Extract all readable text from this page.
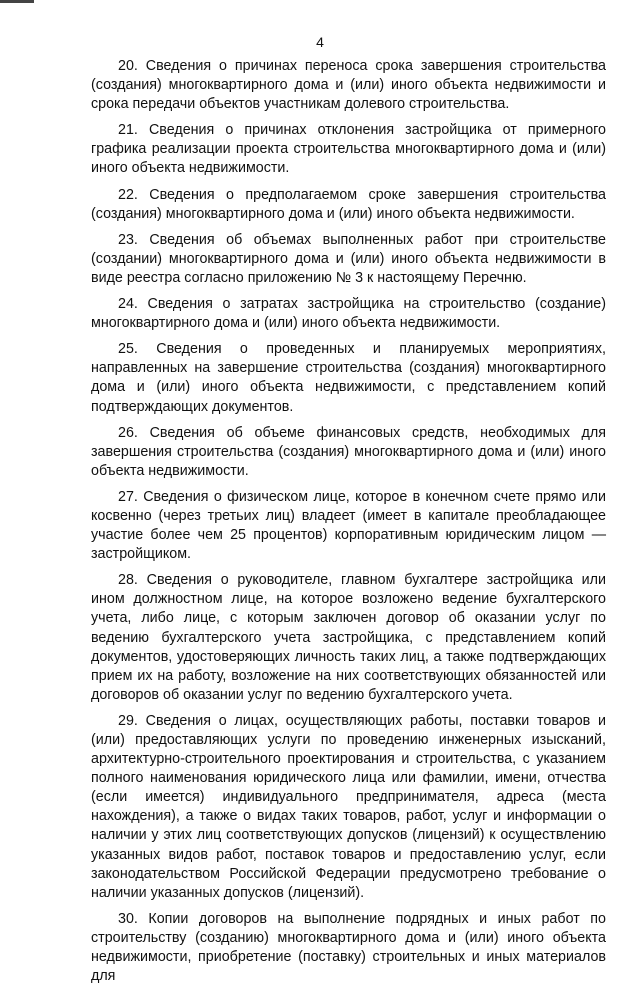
4

20. Сведения о причинах переноса срока завершения строительства (создания) многоквартирного дома и (или) иного объекта недвижимости и срока передачи объектов участникам долевого строительства.

21. Сведения о причинах отклонения застройщика от примерного графика реализации проекта строительства многоквартирного дома и (или) иного объекта недвижимости.

22. Сведения о предполагаемом сроке завершения строительства (создания) многоквартирного дома и (или) иного объекта недвижимости.

23. Сведения об объемах выполненных работ при строительстве (создании) многоквартирного дома и (или) иного объекта недвижимости в виде реестра согласно приложению № 3 к настоящему Перечню.

24. Сведения о затратах застройщика на строительство (создание) многоквартирного дома и (или) иного объекта недвижимости.

25. Сведения о проведенных и планируемых мероприятиях, направленных на завершение строительства (создания) многоквартирного дома и (или) иного объекта недвижимости, с представлением копий подтверждающих документов.

26. Сведения об объеме финансовых средств, необходимых для завершения строительства (создания) многоквартирного дома и (или) иного объекта недвижимости.

27. Сведения о физическом лице, которое в конечном счете прямо или косвенно (через третьих лиц) владеет (имеет в капитале преобладающее участие более чем 25 процентов) корпоративным юридическим лицом — застройщиком.

28. Сведения о руководителе, главном бухгалтере застройщика или ином должностном лице, на которое возложено ведение бухгалтерского учета, либо лице, с которым заключен договор об оказании услуг по ведению бухгалтерского учета застройщика, с представлением копий документов, удостоверяющих личность таких лиц, а также подтверждающих прием их на работу, возложение на них соответствующих обязанностей или договоров об оказании услуг по ведению бухгалтерского учета.

29. Сведения о лицах, осуществляющих работы, поставки товаров и (или) предоставляющих услуги по проведению инженерных изысканий, архитектурно-строительного проектирования и строительства, с указанием полного наименования юридического лица или фамилии, имени, отчества (если имеется) индивидуального предпринимателя, адреса (места нахождения), а также о видах таких товаров, работ, услуг и информации о наличии у этих лиц соответствующих допусков (лицензий) к осуществлению указанных видов работ, поставок товаров и предоставлению услуг, если законодательством Российской Федерации предусмотрено требование о наличии указанных допусков (лицензий).

30. Копии договоров на выполнение подрядных и иных работ по строительству (созданию) многоквартирного дома и (или) иного объекта недвижимости, приобретение (поставку) строительных и иных материалов для
